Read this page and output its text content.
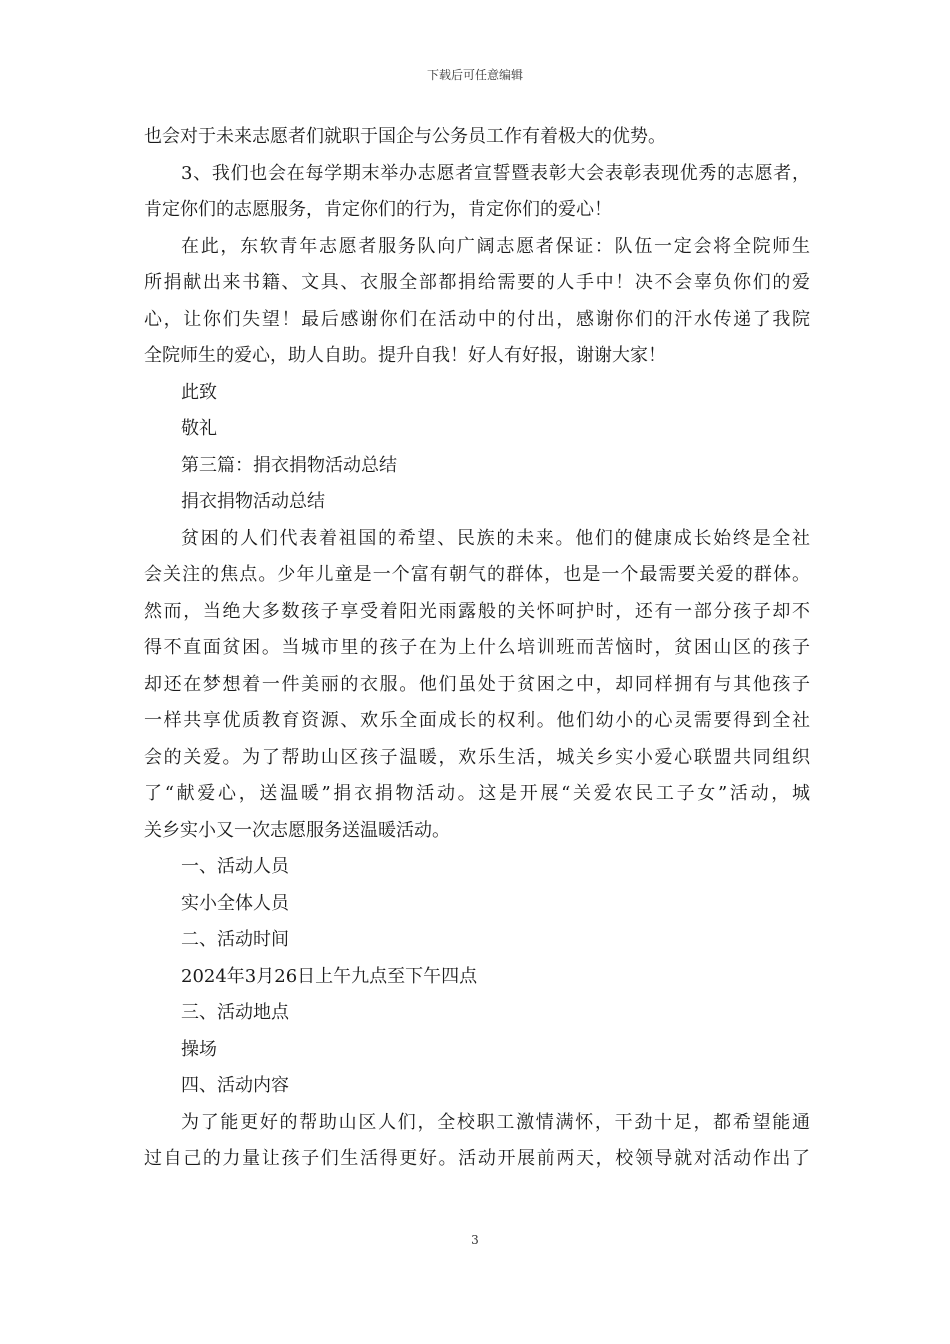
下载后可任意编辑
也会对于未来志愿者们就职于国企与公务员工作有着极大的优势。
3、我们也会在每学期末举办志愿者宣誓暨表彰大会表彰表现优秀的志愿者，
肯定你们的志愿服务，肯定你们的行为，肯定你们的爱心！
在此，东软青年志愿者服务队向广阔志愿者保证：队伍一定会将全院师生
所捐献出来书籍、文具、衣服全部都捐给需要的人手中！决不会辜负你们的爱
心，让你们失望！最后感谢你们在活动中的付出，感谢你们的汗水传递了我院
全院师生的爱心，助人自助。提升自我！好人有好报，谢谢大家！
此致
敬礼
第三篇：捐衣捐物活动总结
捐衣捐物活动总结
贫困的人们代表着祖国的希望、民族的未来。他们的健康成长始终是全社
会关注的焦点。少年儿童是一个富有朝气的群体，也是一个最需要关爱的群体。
然而，当绝大多数孩子享受着阳光雨露般的关怀呵护时，还有一部分孩子却不
得不直面贫困。当城市里的孩子在为上什么培训班而苦恼时，贫困山区的孩子
却还在梦想着一件美丽的衣服。他们虽处于贫困之中，却同样拥有与其他孩子
一样共享优质教育资源、欢乐全面成长的权利。他们幼小的心灵需要得到全社
会的关爱。为了帮助山区孩子温暖，欢乐生活，城关乡实小爱心联盟共同组织
了“献爱心，送温暖”捐衣捐物活动。这是开展“关爱农民工子女”活动，城
关乡实小又一次志愿服务送温暖活动。
一、活动人员
实小全体人员
二、活动时间
2024年3月26日上午九点至下午四点
三、活动地点
操场
四、活动内容
为了能更好的帮助山区人们，全校职工激情满怀，干劲十足，都希望能通
过自己的力量让孩子们生活得更好。活动开展前两天，校领导就对活动作出了
3
